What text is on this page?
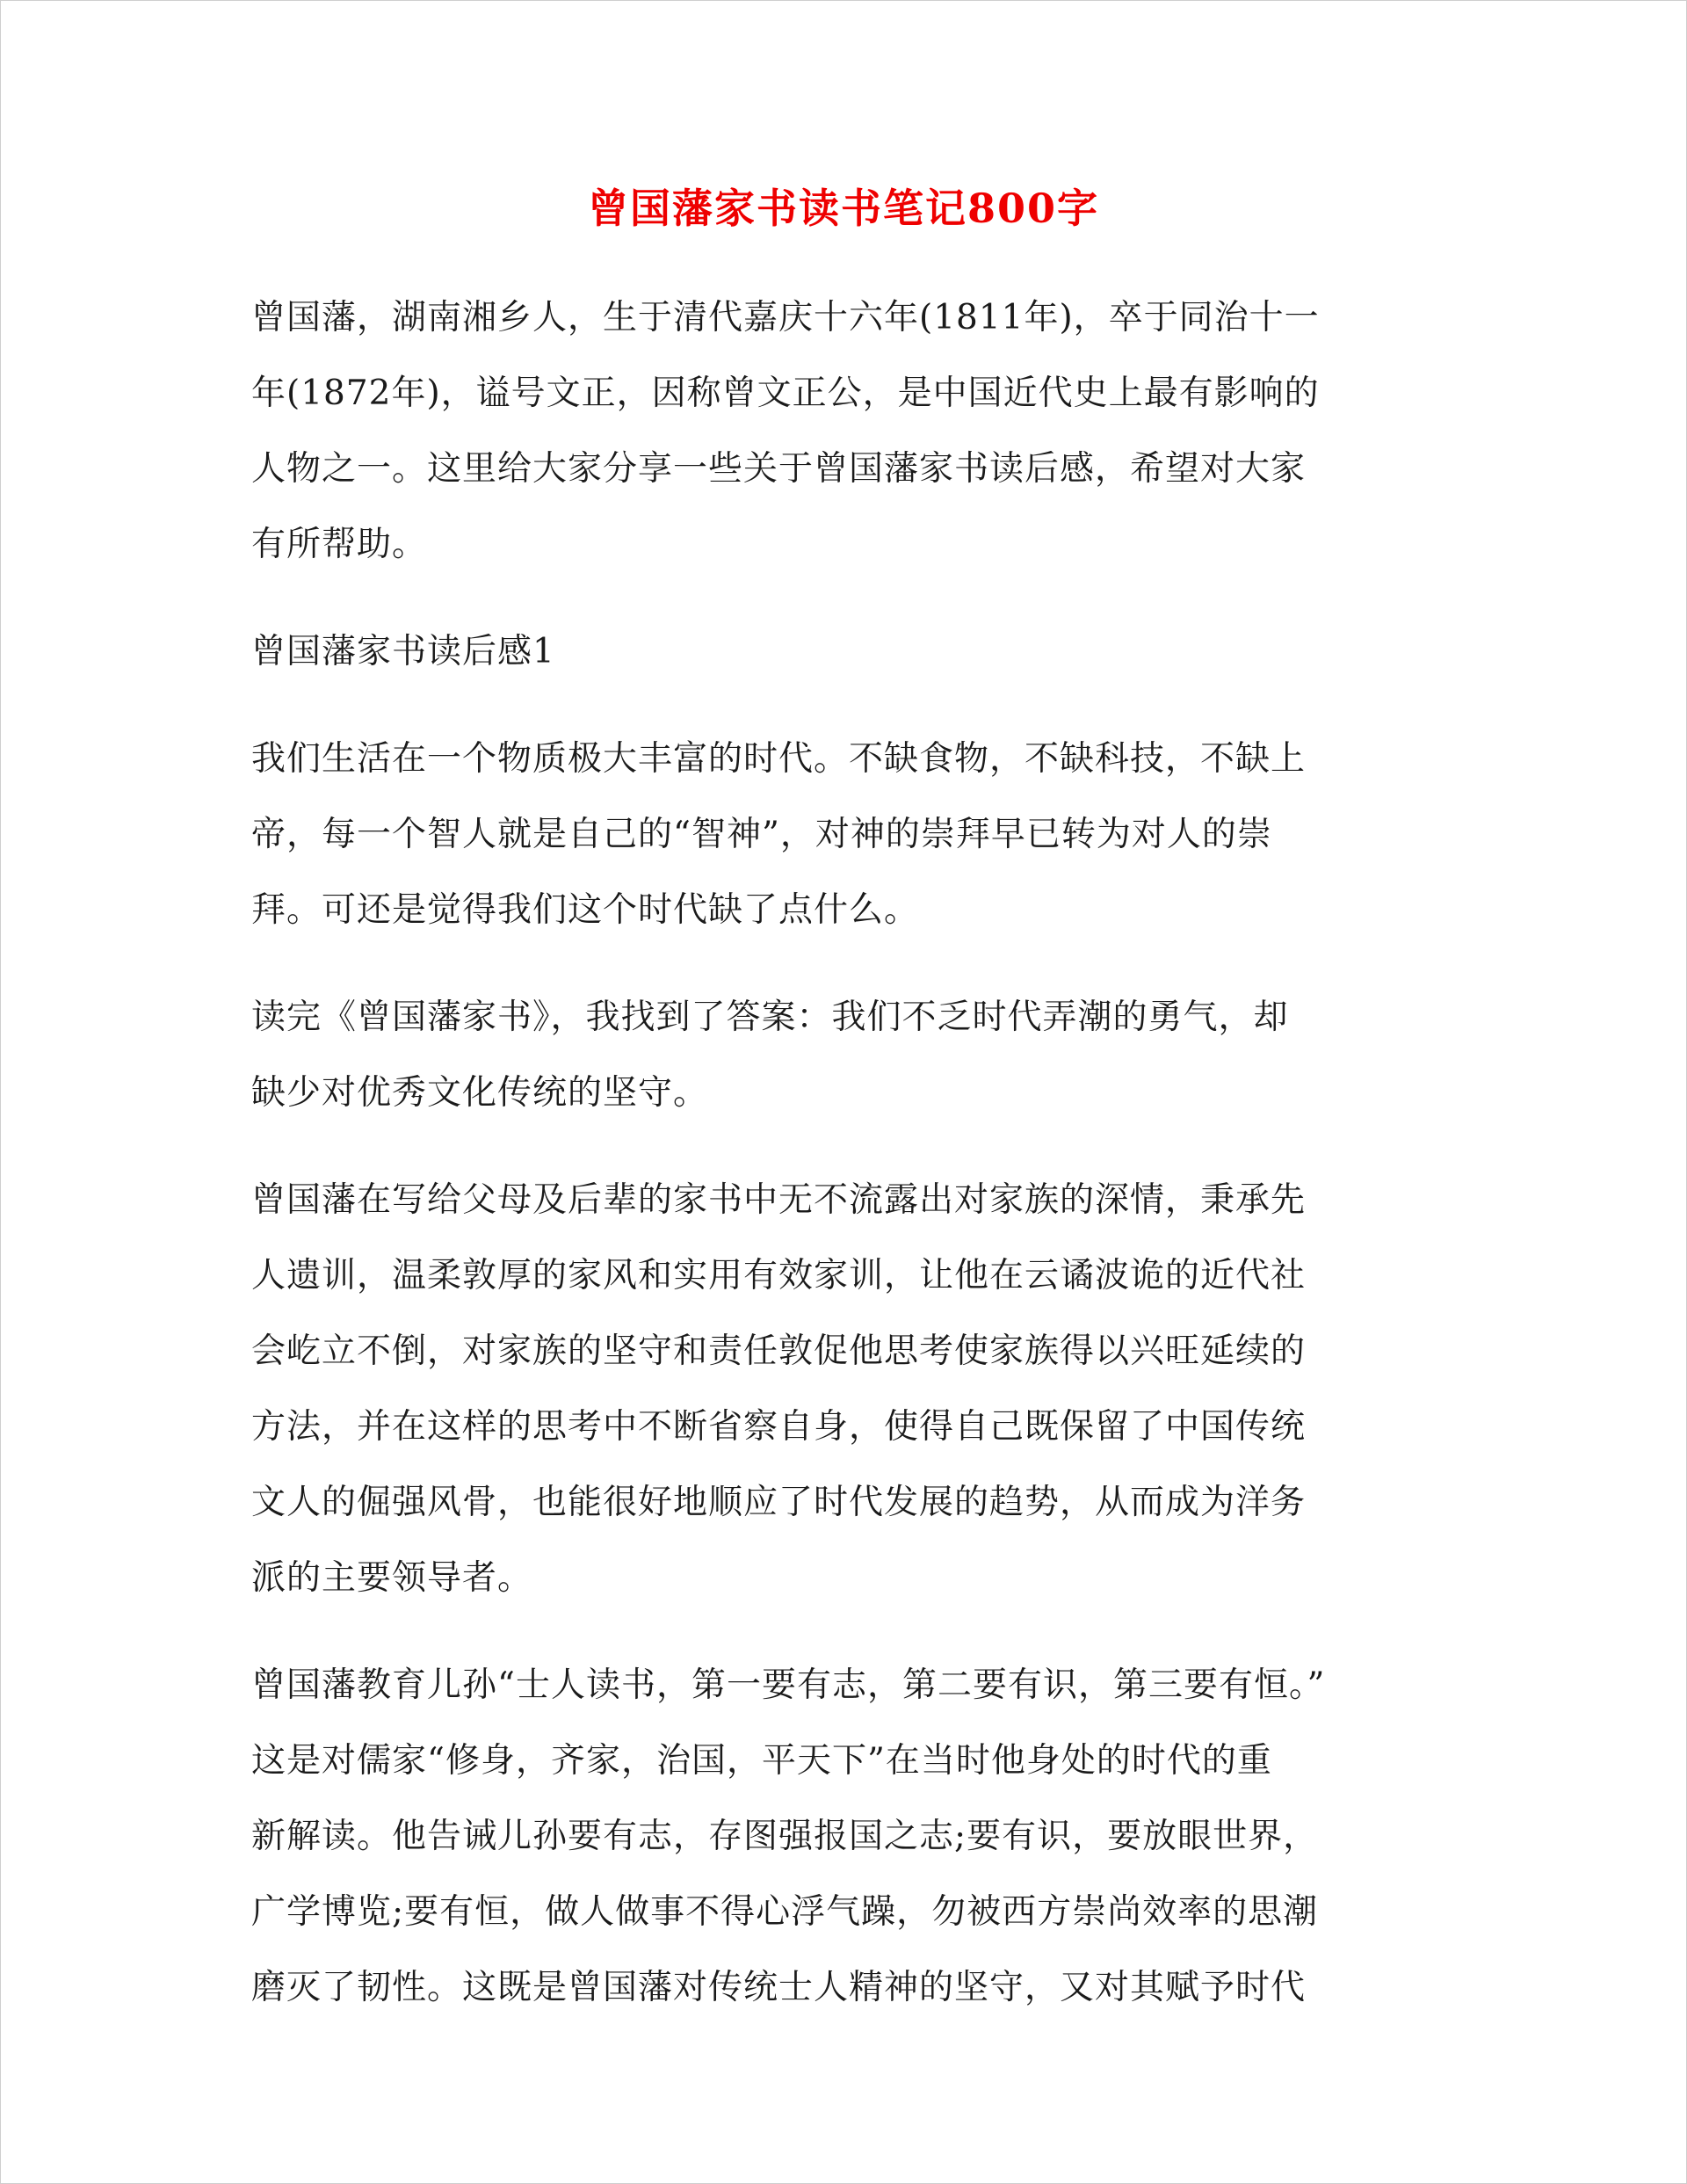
曾国藩家书读书笔记800字

曾国藩，湖南湘乡人，生于清代嘉庆十六年(1811年)，卒于同治十一
年(1872年)，谥号文正，因称曾文正公，是中国近代史上最有影响的
人物之一。这里给大家分享一些关于曾国藩家书读后感，希望对大家
有所帮助。

曾国藩家书读后感1

我们生活在一个物质极大丰富的时代。不缺食物，不缺科技，不缺上
帝，每一个智人就是自己的“智神”，对神的崇拜早已转为对人的崇
拜。可还是觉得我们这个时代缺了点什么。

读完《曾国藩家书》，我找到了答案：我们不乏时代弄潮的勇气，却
缺少对优秀文化传统的坚守。

曾国藩在写给父母及后辈的家书中无不流露出对家族的深情，秉承先
人遗训，温柔敦厚的家风和实用有效家训，让他在云谲波诡的近代社
会屹立不倒，对家族的坚守和责任敦促他思考使家族得以兴旺延续的
方法，并在这样的思考中不断省察自身，使得自己既保留了中国传统
文人的倔强风骨，也能很好地顺应了时代发展的趋势，从而成为洋务
派的主要领导者。

曾国藩教育儿孙“士人读书，第一要有志，第二要有识，第三要有恒。”
这是对儒家“修身，齐家，治国，平天下”在当时他身处的时代的重
新解读。他告诫儿孙要有志，存图强报国之志;要有识，要放眼世界，
广学博览;要有恒，做人做事不得心浮气躁，勿被西方崇尚效率的思潮
磨灭了韧性。这既是曾国藩对传统士人精神的坚守，又对其赋予时代
